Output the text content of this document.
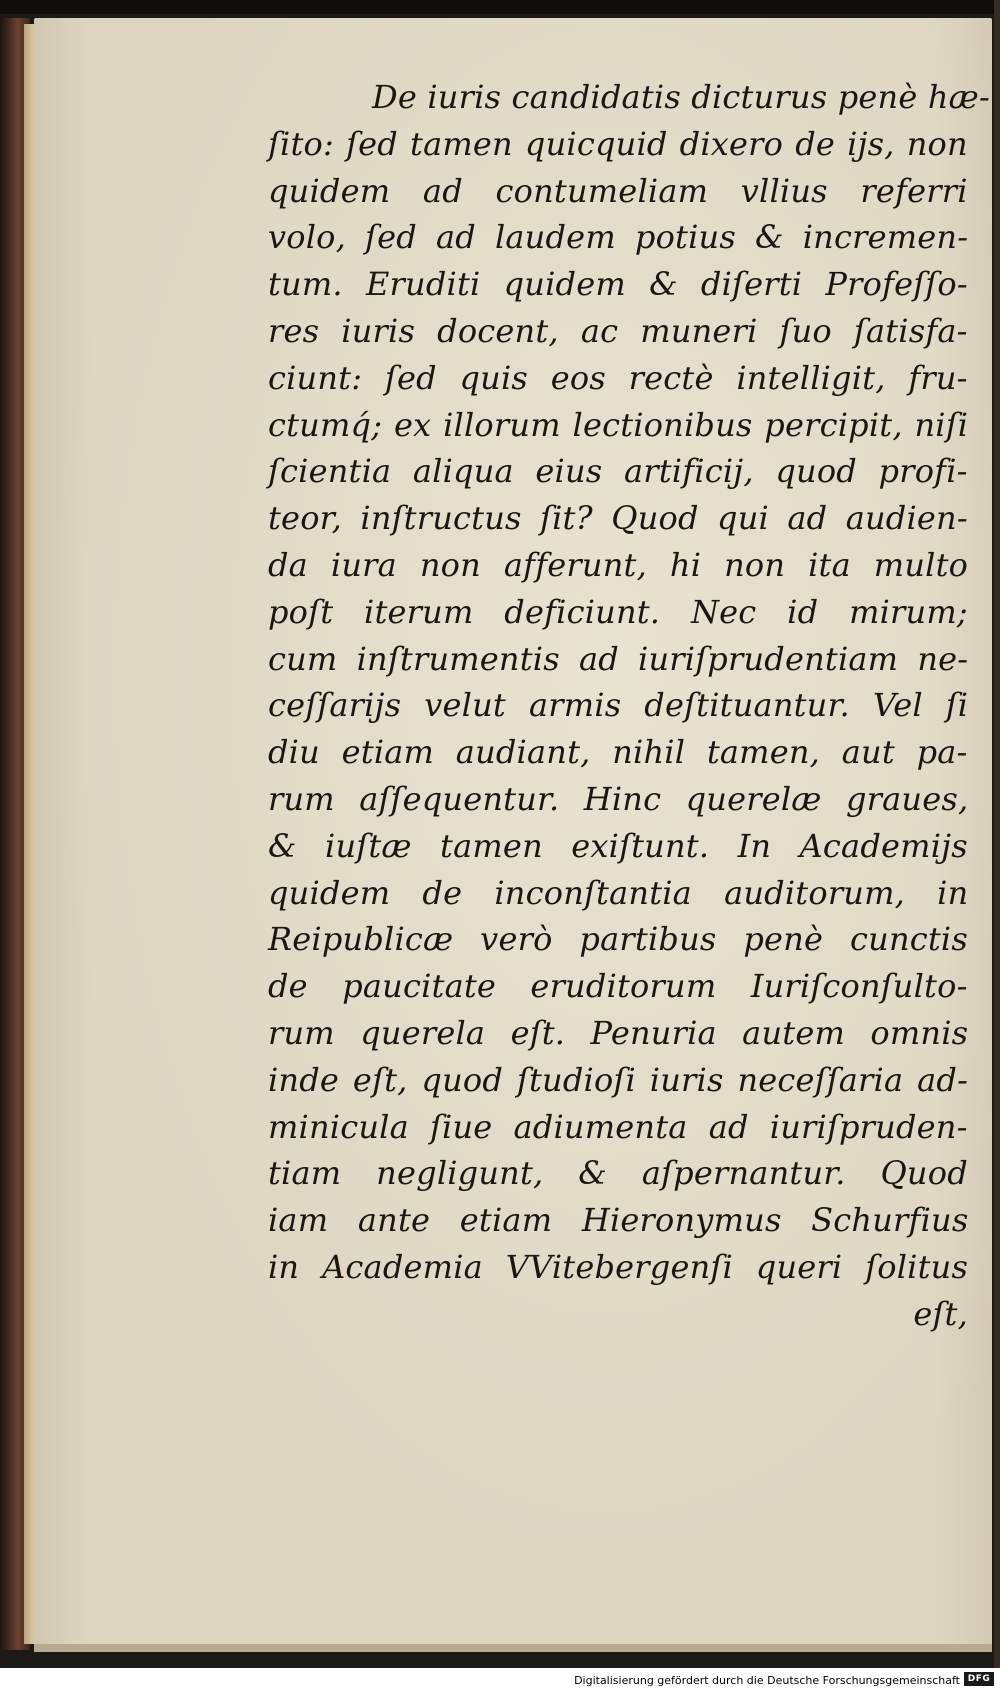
De iuris candidatis dicturus penè hæ-
ſito: ſed tamen quicquid dixero de ijs, non
quidem ad contumeliam vllius referri
volo, ſed ad laudem potius & incremen-
tum. Eruditi quidem & diſerti Profeſſo-
res iuris docent, ac muneri ſuo ſatisfa-
ciunt: ſed quis eos rectè intelligit, fru-
ctumq́; ex illorum lectionibus percipit, niſi
ſcientia aliqua eius artificij, quod profi-
teor, inſtructus ſit? Quod qui ad audien-
da iura non afferunt, hi non ita multo
poſt iterum deficiunt. Nec id mirum;
cum inſtrumentis ad iuriſprudentiam ne-
ceſſarijs velut armis deſtituantur. Vel ſi
diu etiam audiant, nihil tamen, aut pa-
rum aſſequentur. Hinc querelæ graues,
& iuſtæ tamen exiſtunt. In Academijs
quidem de inconſtantia auditorum, in
Reipublicæ verò partibus penè cunctis
de paucitate eruditorum Iuriſconſulto-
rum querela eſt. Penuria autem omnis
inde eſt, quod ſtudioſi iuris neceſſaria ad-
minicula ſiue adiumenta ad iuriſpruden-
tiam negligunt, & aſpernantur. Quod
iam ante etiam Hieronymus Schurfius
in Academia VVitebergenſi queri ſolitus
eſt,
Digitalisierung gefördert durch die Deutsche Forschungsgemeinschaft DFG
